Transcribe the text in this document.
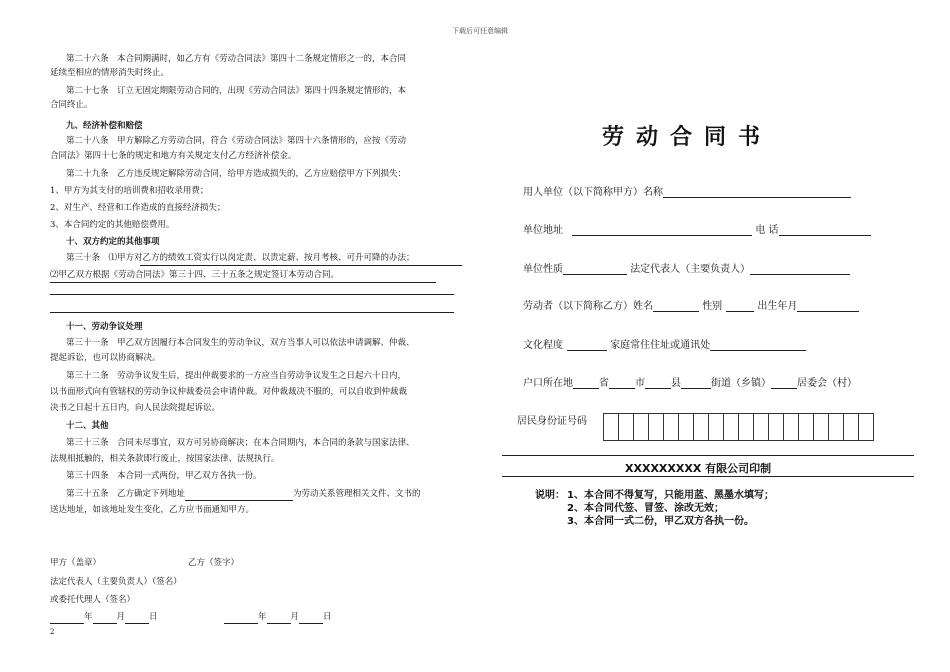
下载后可任意编辑
第二十六条　本合同期满时，如乙方有《劳动合同法》第四十二条规定情形之一的，本合同
延续至相应的情形消失时终止。
第二十七条　订立无固定期限劳动合同的，出现《劳动合同法》第四十四条规定情形的，本
合同终止。
九、经济补偿和赔偿
第二十八条　甲方解除乙方劳动合同，符合《劳动合同法》第四十六条情形的，应按《劳动
合同法》第四十七条的规定和地方有关规定支付乙方经济补偿金。
第二十九条　乙方违反规定解除劳动合同，给甲方造成损失的，乙方应赔偿甲方下列损失：
1、甲方为其支付的培训费和招收录用费；
2、对生产、经营和工作造成的直接经济损失；
3、本合同约定的其他赔偿费用。
十、双方约定的其他事项
第三十条　⑴甲方对乙方的绩效工资实行以岗定责、以责定薪、按月考核、可升可降的办法；
⑵甲乙双方根据《劳动合同法》第三十四、三十五条之规定签订本劳动合同。
十一、劳动争议处理
第三十一条　甲乙双方因履行本合同发生的劳动争议，双方当事人可以依法申请调解、仲裁、
提起诉讼，也可以协商解决。
第三十二条　劳动争议发生后，提出仲裁要求的一方应当自劳动争议发生之日起六十日内，
以书面形式向有管辖权的劳动争议仲裁委员会申请仲裁。对仲裁裁决不服的，可以自收到仲裁裁
决书之日起十五日内，向人民法院提起诉讼。
十二、其他
第三十三条　合同未尽事宜，双方可另协商解决；在本合同期内，本合同的条款与国家法律、
法规相抵触的，相关条款即行废止，按国家法律、法规执行。
第三十四条　本合同一式两份，甲乙双方各执一份。
第三十五条　乙方确定下列地址	为劳动关系管理相关文件、文书的
送达地址，如该地址发生变化，乙方应书面通知甲方。
甲方（盖章）	乙方（签字）
法定代表人（主要负责人）（签名）
或委托代理人（签名）
年	月	日	年	月	日
2
劳动合同书
用人单位（以下简称甲方）名称
单位地址	电 话
单位性质	法定代表人（主要负责人）
劳动者（以下简称乙方）姓名	性别	出生年月
文化程度	家庭常住住址或通讯处
户口所在地	省	市	县	街道（乡镇）	居委会（村）
居民身份证号码
XXXXXXXXX 有限公司印制
说明： 1、本合同不得复写，只能用蓝、黑墨水填写；
2、本合同代签、冒签、涂改无效；
3、本合同一式二份，甲乙双方各执一份。
